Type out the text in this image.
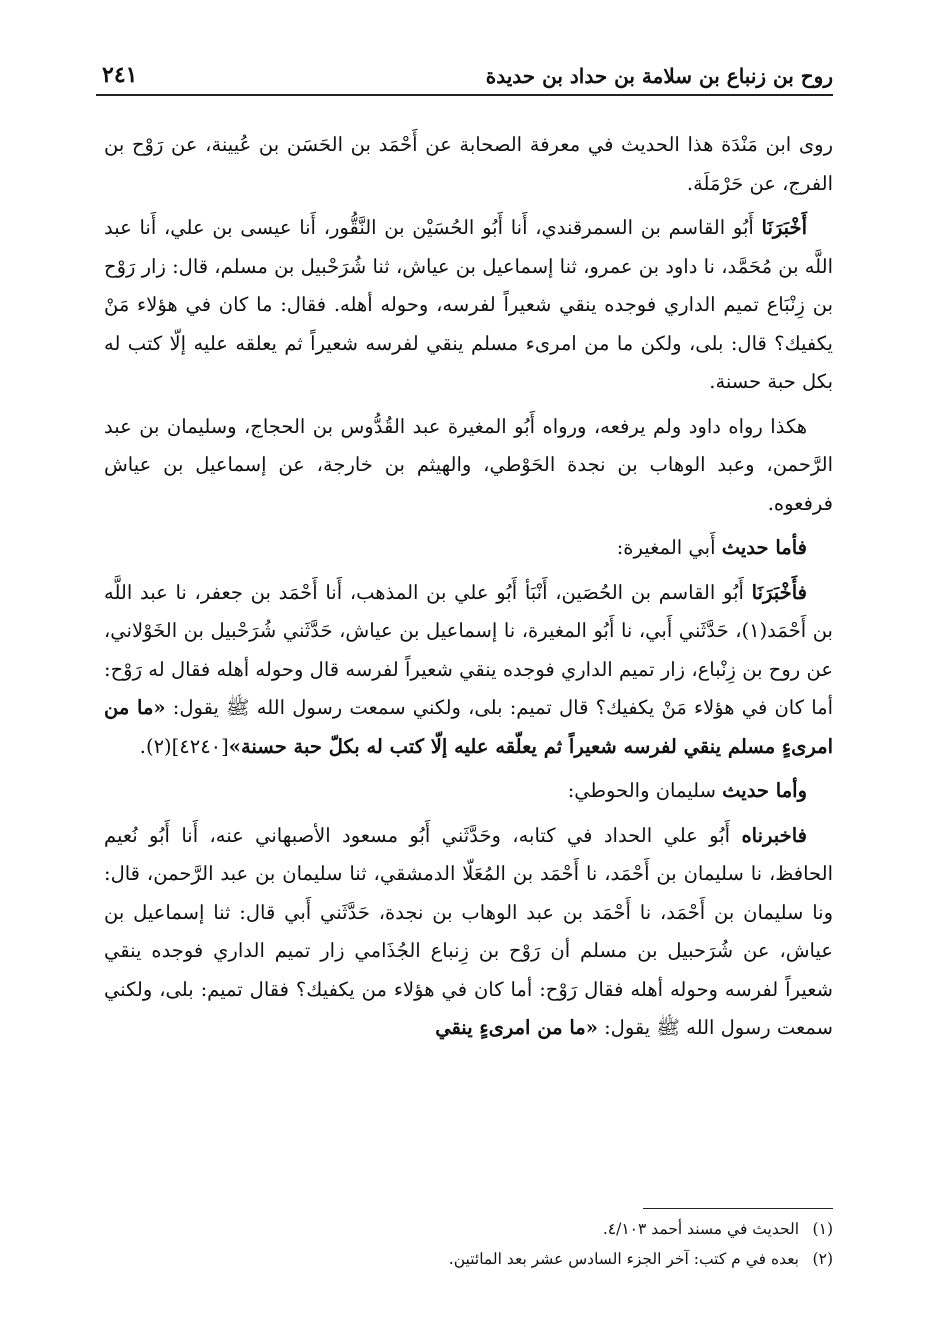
روح بن زنباع بن سلامة بن حداد بن حديدة
٢٤١

روى ابن مَنْدَة هذا الحديث في معرفة الصحابة عن أَحْمَد بن الحَسَن بن عُيينة، عن رَوْح بن الفرج، عن حَرْمَلَة.

أَخْبَرَنَا أَبُو القاسم بن السمرقندي، أَنا أَبُو الحُسَيْن بن النَّقُّور، أَنا عيسى بن علي، أَنا عبد اللَّه بن مُحَمَّد، نا داود بن عمرو، ثنا إسماعيل بن عياش، ثنا شُرَحْبيل بن مسلم، قال: زار رَوْح بن زِنْبَاع تميم الداري فوجده ينقي شعيراً لفرسه، وحوله أهله. فقال: ما كان في هؤلاء مَنْ يكفيك؟ قال: بلى، ولكن ما من امرىء مسلم ينقي لفرسه شعيراً ثم يعلقه عليه إلّا كتب له بكل حبة حسنة.

هكذا رواه داود ولم يرفعه، ورواه أَبُو المغيرة عبد القُدُّوس بن الحجاج، وسليمان بن عبد الرَّحمن، وعبد الوهاب بن نجدة الحَوْطي، والهيثم بن خارجة، عن إسماعيل بن عياش فرفعوه.

فأما حديث أَبي المغيرة:

فأَخْبَرَنَا أَبُو القاسم بن الحُصَين، أَنْبَأ أَبُو علي بن المذهب، أَنا أَحْمَد بن جعفر، نا عبد اللَّه بن أَحْمَد(١)، حَدَّثَني أَبي، نا أَبُو المغيرة، نا إسماعيل بن عياش، حَدَّثَني شُرَحْبيل بن الخَوْلاني، عن روح بن زِنْباع، زار تميم الداري فوجده ينقي شعيراً لفرسه قال وحوله أهله فقال له رَوْح: أما كان في هؤلاء مَنْ يكفيك؟ قال تميم: بلى، ولكني سمعت رسول الله ﷺ يقول: «ما من امرىءٍ مسلم ينقي لفرسه شعيراً ثم يعلّقه عليه إلّا كتب له بكلّ حبة حسنة»[٤٢٤٠](٢).

وأما حديث سليمان والحوطي:

فاخبرناه أَبُو علي الحداد في كتابه، وحَدَّثَني أَبُو مسعود الأصبهاني عنه، أَنا أَبُو نُعيم الحافظ، نا سليمان بن أَحْمَد، نا أَحْمَد بن المُعَلّا الدمشقي، ثنا سليمان بن عبد الرَّحمن، قال: ونا سليمان بن أَحْمَد، نا أَحْمَد بن عبد الوهاب بن نجدة، حَدَّثَني أَبي قال: ثنا إسماعيل بن عياش، عن شُرَحبيل بن مسلم أن رَوْح بن زِنباع الجُذَامي زار تميم الداري فوجده ينقي شعيراً لفرسه وحوله أهله فقال رَوْح: أما كان في هؤلاء من يكفيك؟ فقال تميم: بلى، ولكني سمعت رسول الله ﷺ يقول: «ما من امرىءٍ ينقي

(١)الحديث في مسند أحمد ٤/١٠٣.

(٢)بعده في م كتب: آخر الجزء السادس عشر بعد المائتين.
